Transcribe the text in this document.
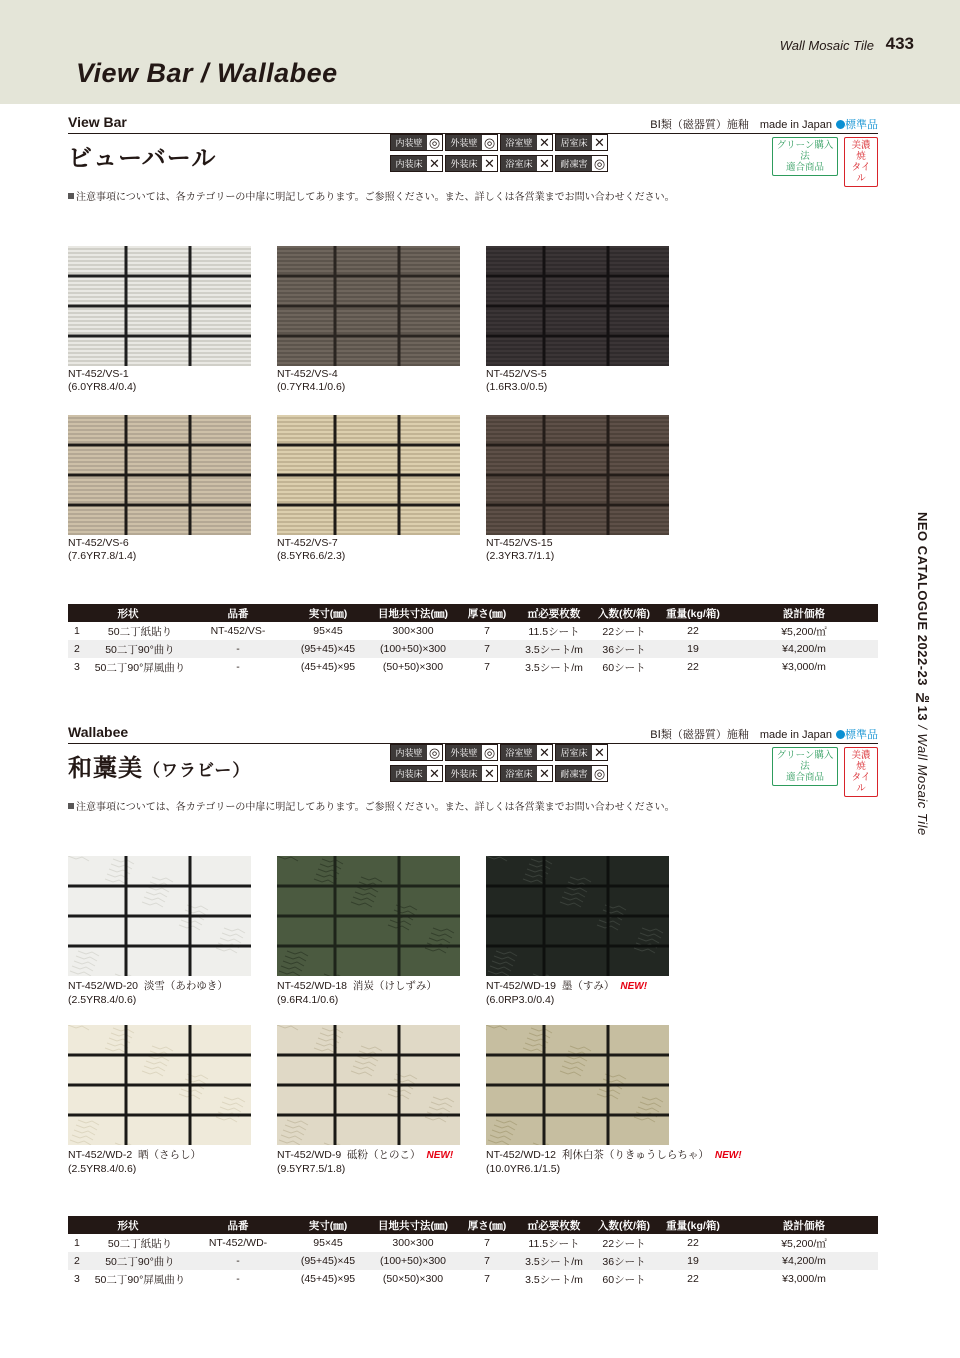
View Bar / Wallabee
Wall Mosaic Tile 433
NEO CATALOGUE 2022-23 №13 / Wall Mosaic Tile
View Bar	BⅠ類（磁器質）施釉　made in Japan 標準品
ビューバール
内装壁 ◎	外装壁 ◎	浴室壁 ✕	居室床 ✕
内装床 ✕	外装床 ✕	浴室床 ✕	耐凍害 ◎
グリーン購入法
適合商品
美濃焼
タイル
注意事項については、各カテゴリーの中扉に明記してあります。ご参照ください。また、詳しくは各営業までお問い合わせください。
NT-452/VS-1
(6.0YR8.4/0.4)
NT-452/VS-4
(0.7YR4.1/0.6)
NT-452/VS-5
(1.6R3.0/0.5)
NT-452/VS-6
(7.6YR7.8/1.4)
NT-452/VS-7
(8.5YR6.6/2.3)
NT-452/VS-15
(2.3YR3.7/1.1)
形状		品番	実寸(㎜)	目地共寸法(㎜)	厚さ(㎜)	㎡必要枚数	入数(枚/箱)	重量(kg/箱)	設計価格
1	50二丁紙貼り	NT-452/VS-	95×45	300×300	7	11.5シート	22シート	22	¥5,200/㎡
2	50二丁90°曲り	-	(95+45)×45	(100+50)×300	7	3.5シート/m	36シート	19	¥4,200/m
3	50二丁90°屏風曲り	-	(45+45)×95	(50+50)×300	7	3.5シート/m	60シート	22	¥3,000/m
Wallabee	BⅠ類（磁器質）施釉　made in Japan 標準品
和藁美（ワラビー）
内装壁 ◎	外装壁 ◎	浴室壁 ✕	居室床 ✕
内装床 ✕	外装床 ✕	浴室床 ✕	耐凍害 ◎
グリーン購入法
適合商品
美濃焼
タイル
注意事項については、各カテゴリーの中扉に明記してあります。ご参照ください。また、詳しくは各営業までお問い合わせください。
NT-452/WD-20 淡雪（あわゆき）
(2.5YR8.4/0.6)
NT-452/WD-18 消炭（けしずみ）
(9.6R4.1/0.6)
NT-452/WD-19 墨（すみ） NEW!
(6.0RP3.0/0.4)
NT-452/WD-2 晒（さらし）
(2.5YR8.4/0.6)
NT-452/WD-9 砥粉（とのこ） NEW!
(9.5YR7.5/1.8)
NT-452/WD-12 利休白茶（りきゅうしらちゃ） NEW!
(10.0YR6.1/1.5)
形状		品番	実寸(㎜)	目地共寸法(㎜)	厚さ(㎜)	㎡必要枚数	入数(枚/箱)	重量(kg/箱)	設計価格
1	50二丁紙貼り	NT-452/WD-	95×45	300×300	7	11.5シート	22シート	22	¥5,200/㎡
2	50二丁90°曲り	-	(95+45)×45	(100+50)×300	7	3.5シート/m	36シート	19	¥4,200/m
3	50二丁90°屏風曲り	-	(45+45)×95	(50×50)×300	7	3.5シート/m	60シート	22	¥3,000/m
